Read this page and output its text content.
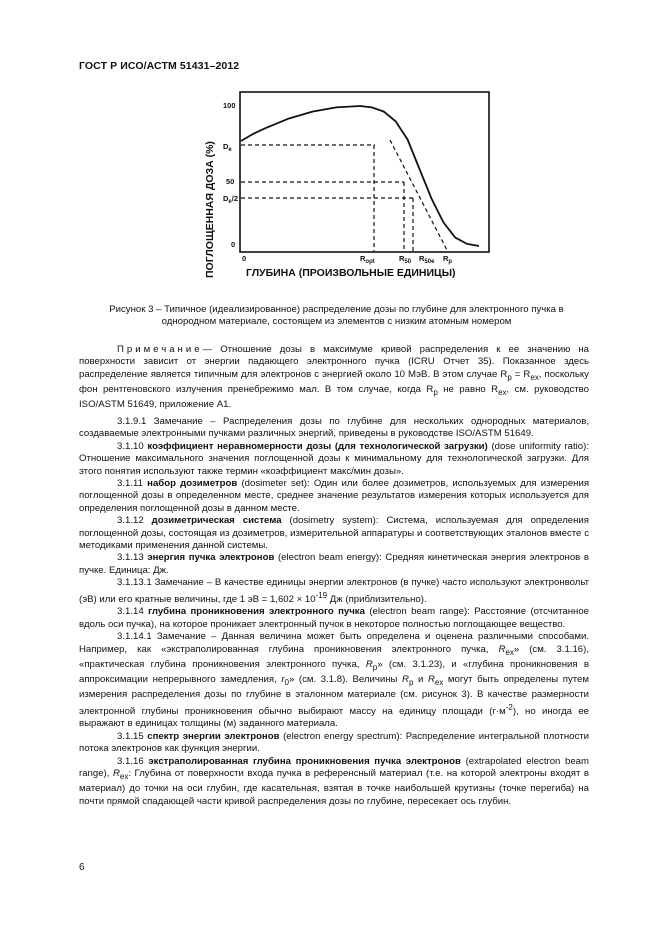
ГОСТ Р ИСО/АСТМ 51431–2012
ПОГЛОЩЕННАЯ ДОЗА (%)
100
$D_e$
50
$D_e/2$
0
0	$R_{opt}$	$R_{50}$ $R_{50e}$ $R_p$
ГЛУБИНА (ПРОИЗВОЛЬНЫЕ ЕДИНИЦЫ)
Рисунок 3 – Типичное (идеализированное) распределение дозы по глубине для электронного пучка в
однородном материале, состоящем из элементов с низким атомным номером
Примечание— Отношение дозы в максимуме кривой распределения к ее значению на поверхности зависит от энергии падающего электронного пучка (ICRU Отчет 35). Показанное здесь распределение является типичным для электронов с энергией около 10 МэВ. В этом случае $R_p = R_{ex}$, поскольку фон рентгеновского излучения пренебрежимо мал. В том случае, когда $R_p$ не равно $R_{ex}$, см. руководство ISO/ASTM 51649, приложение А1.

3.1.9.1 Замечание – Распределения дозы по глубине для нескольких однородных материалов, создаваемые электронными пучками различных энергий, приведены в руководстве ISO/ASTM 51649.

3.1.10 коэффициент неравномерности дозы (для технологической загрузки) (dose uniformity ratio): Отношение максимального значения поглощенной дозы к минимальному для технологической загрузки. Для этого понятия используют также термин «коэффициент макс/мин дозы».

3.1.11 набор дозиметров (dosimeter set): Один или более дозиметров, используемых для измерения поглощенной дозы в определенном месте, среднее значение результатов измерения которых используется для определения поглощенной дозы в данном месте.

3.1.12 дозиметрическая система (dosimetry system): Система, используемая для определения поглощенной дозы, состоящая из дозиметров, измерительной аппаратуры и соответствующих эталонов вместе с методиками применения данной системы.

3.1.13 энергия пучка электронов (electron beam energy): Средняя кинетическая энергия электронов в пучке. Единица: Дж.

3.1.13.1 Замечание – В качестве единицы энергии электронов (в пучке) часто используют электронвольт (эВ) или его кратные величины, где 1 эВ = $1,602 \times 10^{-19}$ Дж (приблизительно).

3.1.14 глубина проникновения электронного пучка (electron beam range): Расстояние (отсчитанное вдоль оси пучка), на которое проникает электронный пучок в некоторое полностью поглощающее вещество.

3.1.14.1 Замечание – Данная величина может быть определена и оценена различными способами. Например, как «экстраполированная глубина проникновения электронного пучка, $R_{ex}$» (см. 3.1.16), «практическая глубина проникновения электронного пучка, $R_p$» (см. 3.1.23), и «глубина проникновения в аппроксимации непрерывного замедления, $r_0$» (см. 3.1.8). Величины $R_p$ и $R_{ex}$ могут быть определены путем измерения распределения дозы по глубине в эталонном материале (см. рисунок 3). В качестве размерности электронной глубины проникновения обычно выбирают массу на единицу площади $(г\cdot м^{-2})$, но иногда ее выражают в единицах толщины (м) заданного материала.

3.1.15 спектр энергии электронов (electron energy spectrum): Распределение интегральной плотности потока электронов как функция энергии.

3.1.16 экстраполированная глубина проникновения пучка электронов (extrapolated electron beam range), $R_{ex}$: Глубина от поверхности входа пучка в референсный материал (т.е. на которой электроны входят в материал) до точки на оси глубин, где касательная, взятая в точке наибольшей крутизны (точке перегиба) на почти прямой спадающей части кривой распределения дозы по глубине, пересекает ось глубин.

6
